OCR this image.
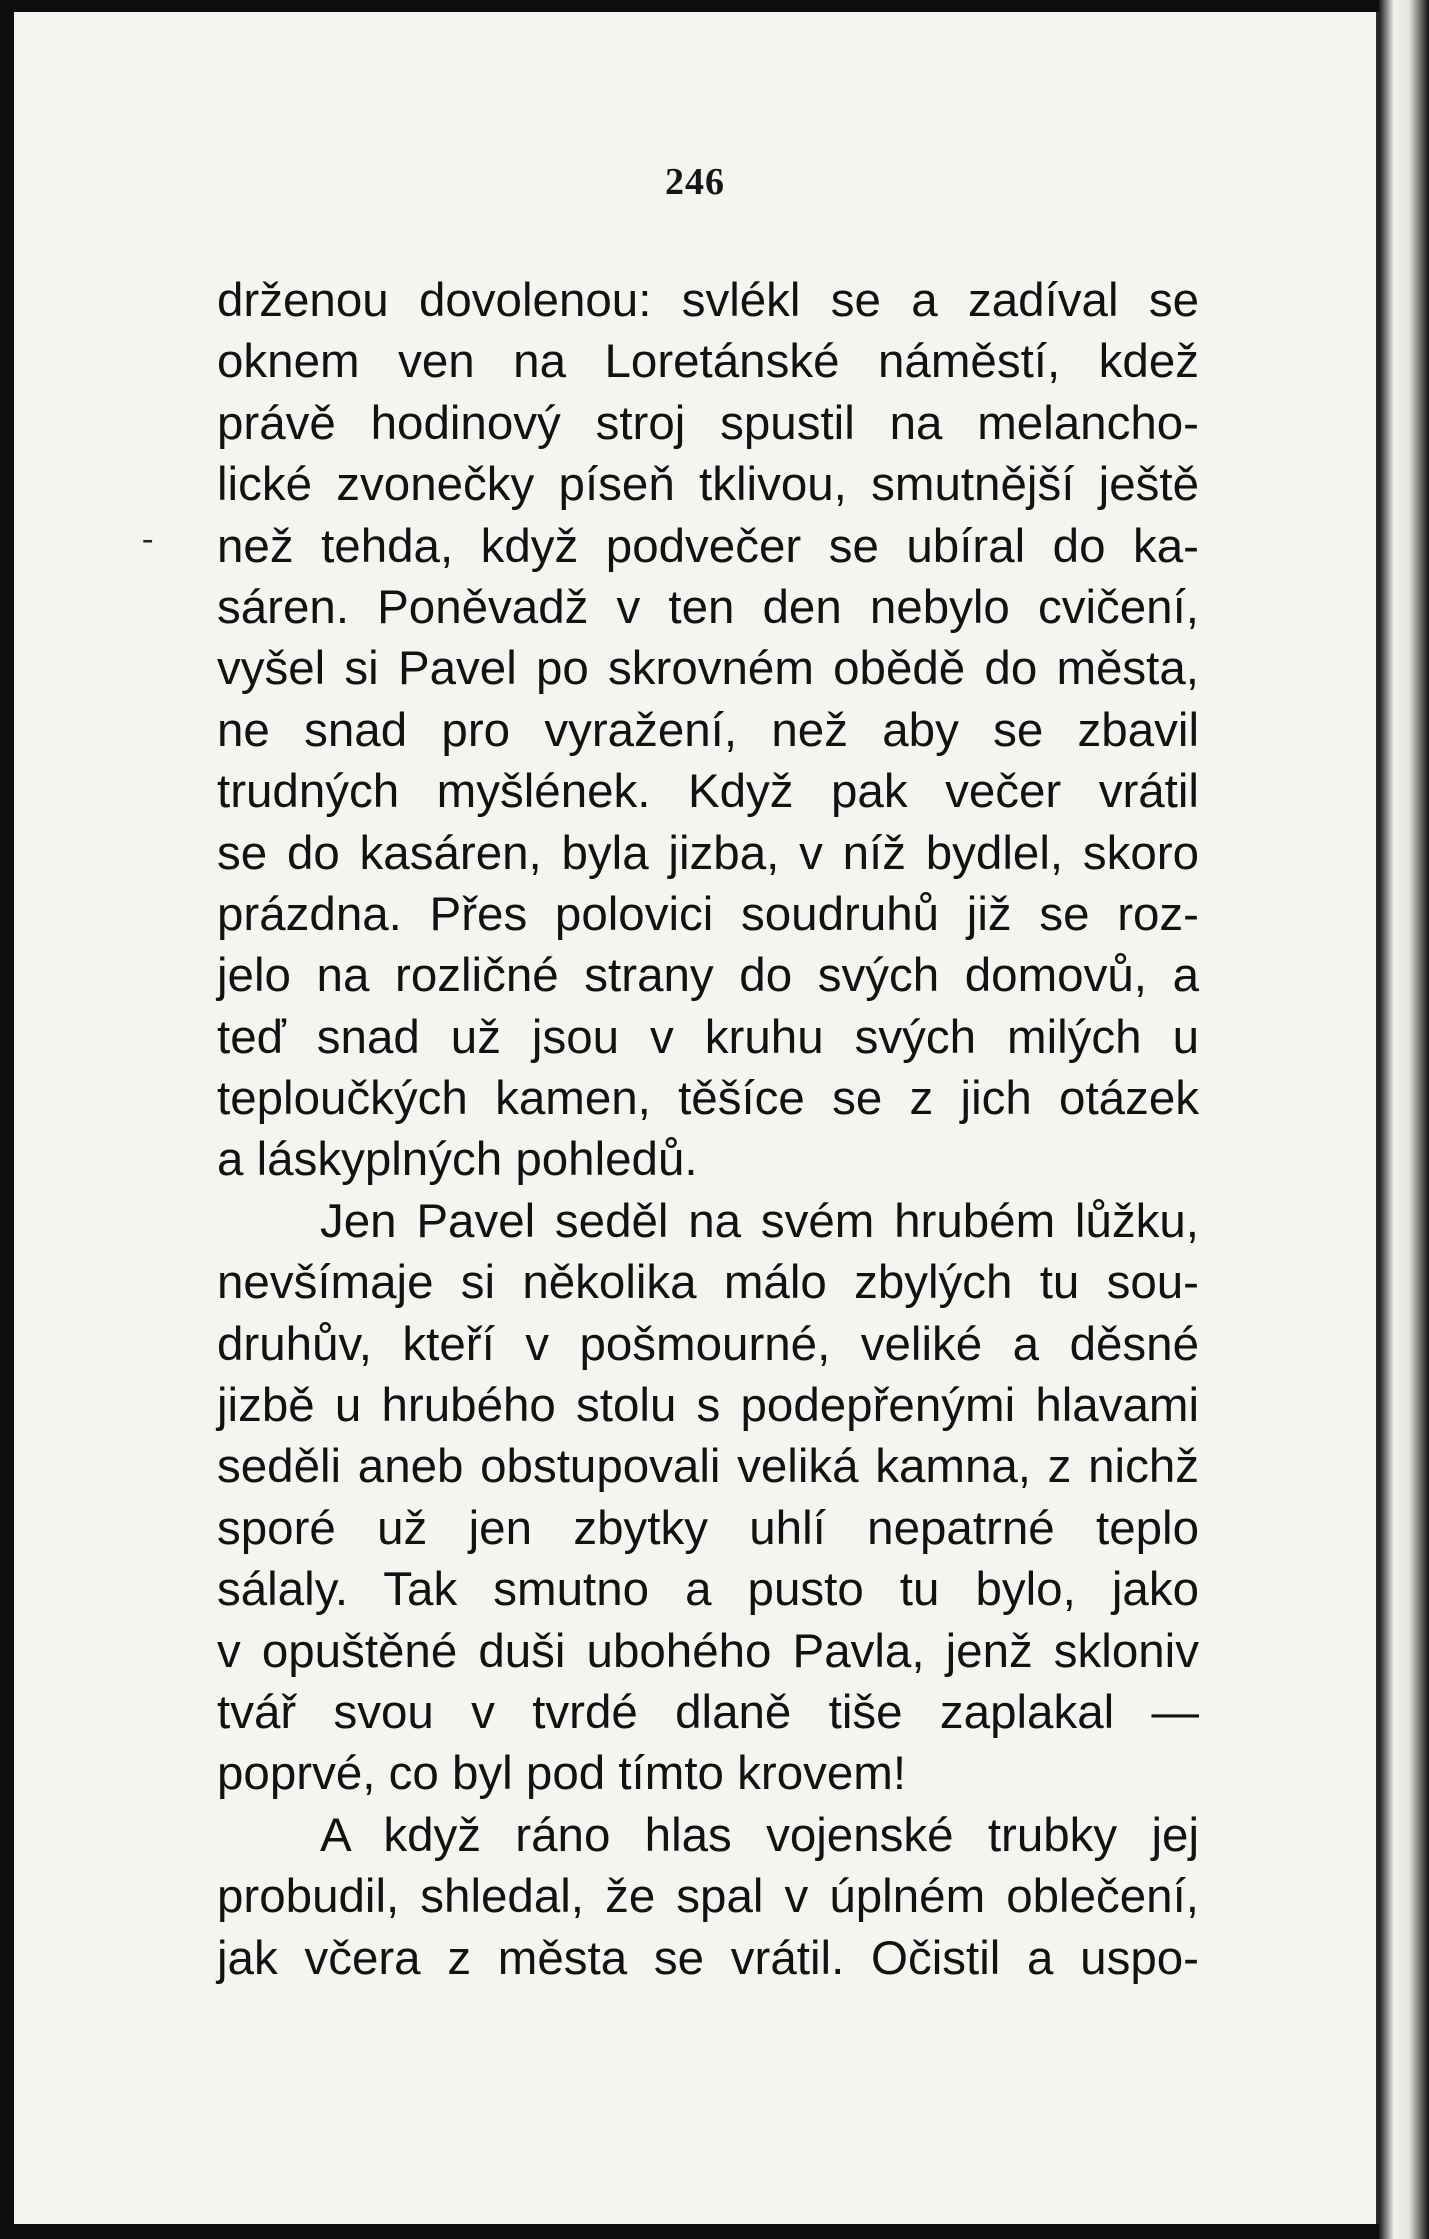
246
-
drženou dovolenou: svlékl se a zadíval se
oknem ven na Loretánské náměstí, kdež
právě hodinový stroj spustil na melancho-
lické zvonečky píseň tklivou, smutnější ještě
než tehda, když podvečer se ubíral do ka-
sáren. Poněvadž v ten den nebylo cvičení,
vyšel si Pavel po skrovném obědě do města,
ne snad pro vyražení, než aby se zbavil
trudných myšlének. Když pak večer vrátil
se do kasáren, byla jizba, v níž bydlel, skoro
prázdna. Přes polovici soudruhů již se roz-
jelo na rozličné strany do svých domovů, a
teď snad už jsou v kruhu svých milých u
teploučkých kamen, těšíce se z jich otázek
a láskyplných pohledů.
Jen Pavel seděl na svém hrubém lůžku,
nevšímaje si několika málo zbylých tu sou-
druhův, kteří v pošmourné, veliké a děsné
jizbě u hrubého stolu s podepřenými hlavami
seděli aneb obstupovali veliká kamna, z nichž
sporé už jen zbytky uhlí nepatrné teplo
sálaly. Tak smutno a pusto tu bylo, jako
v opuštěné duši ubohého Pavla, jenž skloniv
tvář svou v tvrdé dlaně tiše zaplakal —
poprvé, co byl pod tímto krovem!
A když ráno hlas vojenské trubky jej
probudil, shledal, že spal v úplném oblečení,
jak včera z města se vrátil. Očistil a uspo-
